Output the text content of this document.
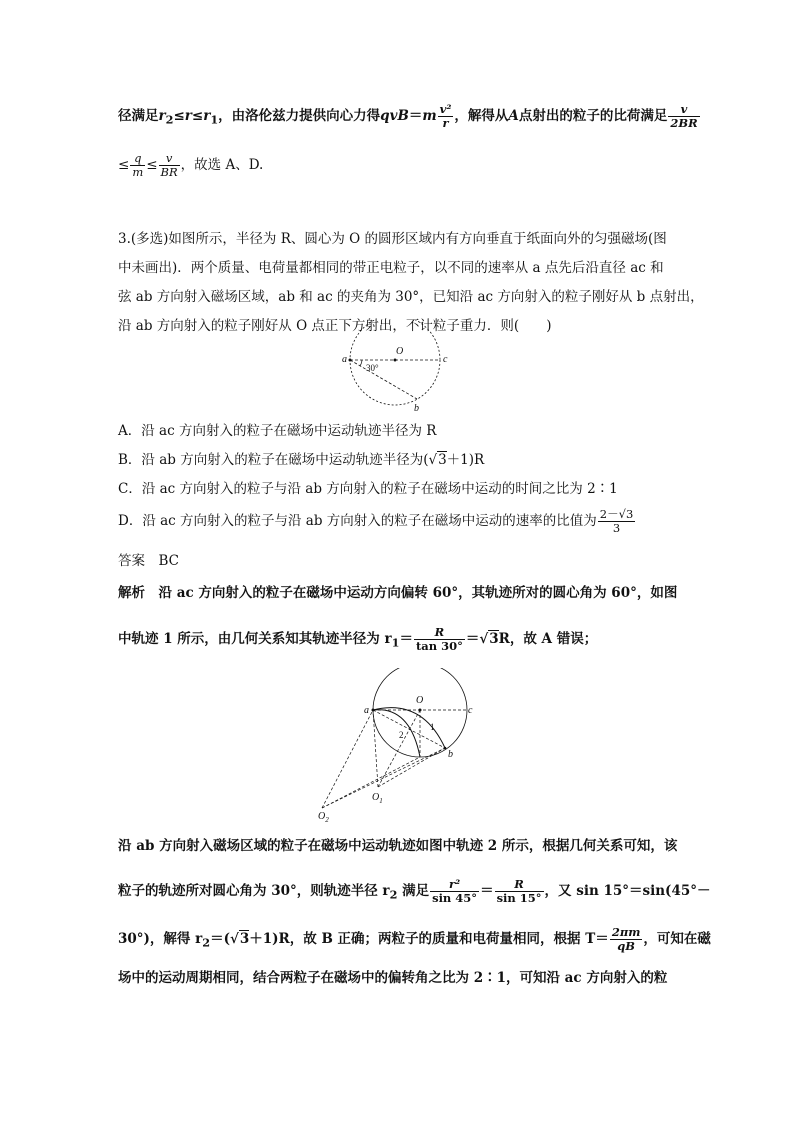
径满足$r_2\le r\le r_1$，由洛伦兹力提供向心力得$qvB=m \frac{\text{v²}}{r}$ ，解得从A点射出的粒子的比荷满足 $\frac{v}{2BR}$
≤ $\frac{q}{m} \le \frac{v}{BR}$ ，故选 A、D.
3.(多选)如图所示，半径为 R、圆心为 O 的圆形区域内有方向垂直于纸面向外的匀强磁场(图
中未画出)．两个质量、电荷量都相同的带正电粒子，以不同的速率从 a 点先后沿直径 ac 和
弦 ab 方向射入磁场区域，ab 和 ac 的夹角为 30°，已知沿 ac 方向射入的粒子刚好从 b 点射出，
沿 ab 方向射入的粒子刚好从 O 点正下方射出，不计粒子重力．则(　　)
a
O
c
b
30°
A．沿 ac 方向射入的粒子在磁场中运动轨迹半径为 R
B．沿 ab 方向射入的粒子在磁场中运动轨迹半径为(√3＋1)R
C．沿 ac 方向射入的粒子与沿 ab 方向射入的粒子在磁场中运动的时间之比为 2∶1
D．沿 ac 方向射入的粒子与沿 ab 方向射入的粒子在磁场中运动的速率的比值为 $\frac{2-√3}{3}$
答案　BC
解析　沿 ac 方向射入的粒子在磁场中运动方向偏转 60°，其轨迹所对的圆心角为 60°，如图
中轨迹 1 所示，由几何关系知其轨迹半径为 $r_1= \frac{R}{\tan 30^\circ} =√3R$，故 A 错误；
a
O
c
b
1
2
$O_1$
$O_2$
沿 ab 方向射入磁场区域的粒子在磁场中运动轨迹如图中轨迹 2 所示，根据几何关系可知，该
粒子的轨迹所对圆心角为 30°，则轨迹半径 $r_2$ 满足 $\frac{\text{r²}}{\sin 45^\circ} = \frac{R}{\sin 15^\circ}$ ，又 sin 15°＝sin(45°－
30°)，解得 $r_2=(√3+1)R$，故 B 正确；两粒子的质量和电荷量相同，根据 $T= \frac{2\pi m}{qB}$ ，可知在磁
场中的运动周期相同，结合两粒子在磁场中的偏转角之比为 2∶1，可知沿 ac 方向射入的粒
